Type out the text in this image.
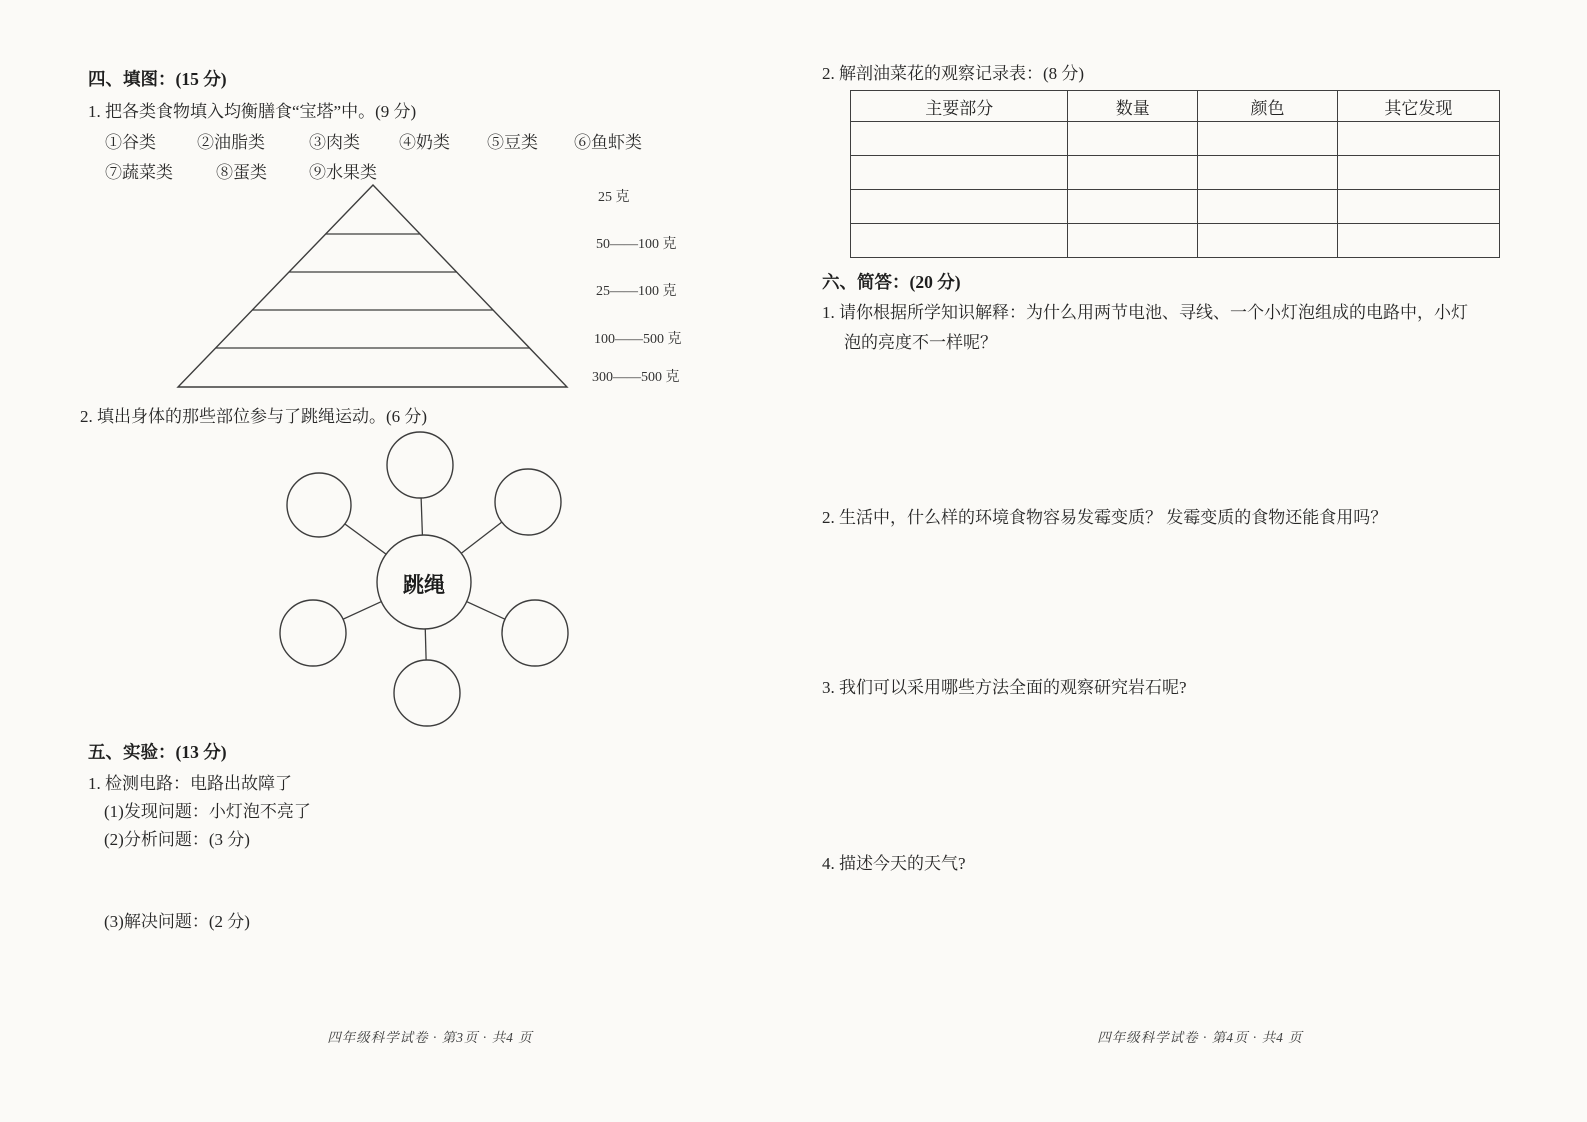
四、填图：(15 分)
1. 把各类食物填入均衡膳食“宝塔”中。(9 分)
①谷类 ②油脂类	③肉类 ④奶类 ⑤豆类 ⑥鱼虾类
⑦蔬菜类	⑧蛋类 ⑨水果类
25 克
50——100 克
25——100 克
100——500 克
300——500 克
2. 填出身体的那些部位参与了跳绳运动。(6 分)
跳绳
五、实验：(13 分)
1. 检测电路：电路出故障了
(1)发现问题：小灯泡不亮了
(2)分析问题：(3 分)
(3)解决问题：(2 分)
四年级科学试卷 · 第3页 · 共4 页
2. 解剖油菜花的观察记录表：(8 分)
主要部分	数量	颜色	其它发现

六、简答：(20 分)
1. 请你根据所学知识解释：为什么用两节电池、寻线、一个小灯泡组成的电路中，小灯
泡的亮度不一样呢？
2. 生活中，什么样的环境食物容易发霉变质？ 发霉变质的食物还能食用吗？
3. 我们可以采用哪些方法全面的观察研究岩石呢?
4. 描述今天的天气?
四年级科学试卷 · 第4页 · 共4 页
